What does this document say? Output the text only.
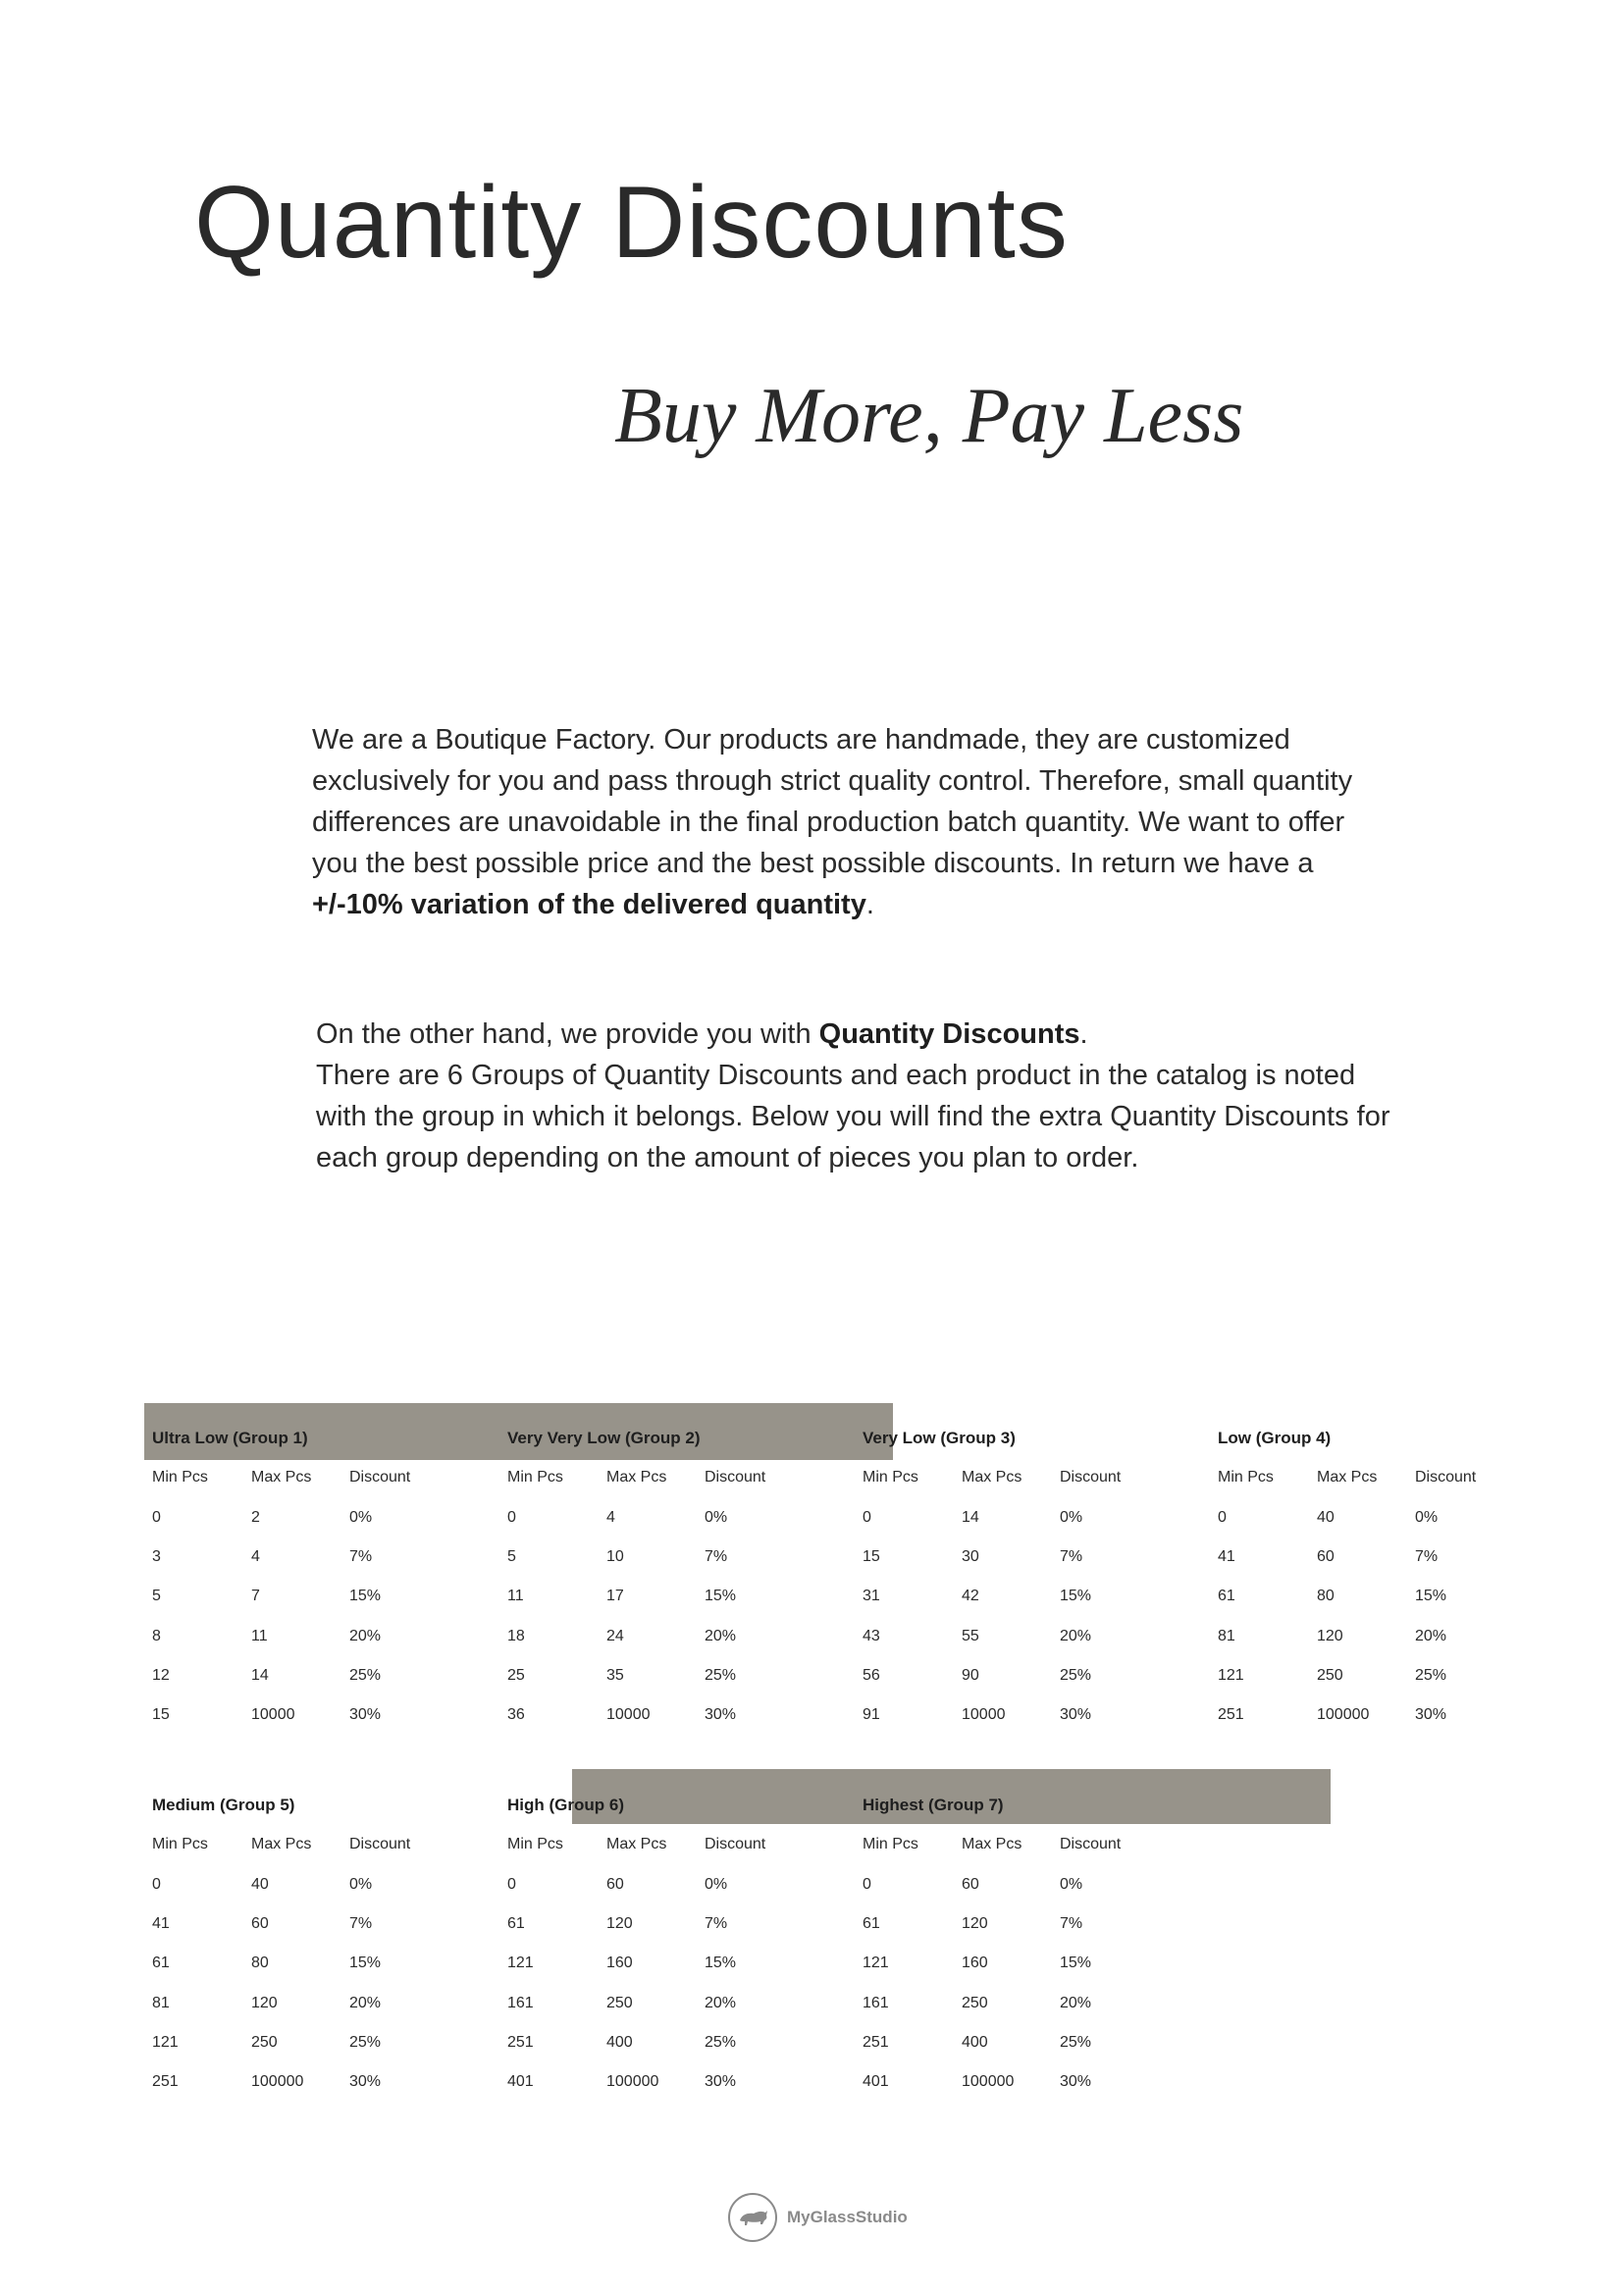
Quantity Discounts
Buy More, Pay Less

We are a Boutique Factory. Our products are handmade, they are customized exclusively for you and pass through strict quality control. Therefore, small quantity differences are unavoidable in the final production batch quantity. We want to offer you the best possible price and the best possible discounts. In return we have a +/-10% variation of the delivered quantity.

On the other hand, we provide you with Quantity Discounts.
There are 6 Groups of Quantity Discounts and each product in the catalog is noted with the group in which it belongs. Below you will find the extra Quantity Discounts for each group depending on the amount of pieces you plan to order.

Ultra Low (Group 1)
Min Pcs	Max Pcs Discount
0	2	0%
3	4	7%
5	7	15%
8	11	20%
12	14	25%
15	10000	30%
Very Very Low (Group 2)
Min Pcs	Max Pcs Discount
0	4	0%
5	10	7%
11	17	15%
18	24	20%
25	35	25%
36	10000	30%
Very Low (Group 3)
Min Pcs	Max Pcs Discount
0	14	0%
15	30	7%
31	42	15%
43	55	20%
56	90	25%
91	10000	30%
Low (Group 4)
Min Pcs	Max Pcs Discount
0	40	0%
41	60	7%
61	80	15%
81	120	20%
121	250	25%
251	100000	30%
Medium (Group 5)
Min Pcs	Max Pcs Discount
0	40	0%
41	60	7%
61	80	15%
81	120	20%
121	250	25%
251	100000	30%
High (Group 6)
Min Pcs	Max Pcs Discount
0	60	0%
61	120	7%
121	160	15%
161	250	20%
251	400	25%
401	100000	30%
Highest (Group 7)
Min Pcs	Max Pcs Discount
0	60	0%
61	120	7%
121	160	15%
161	250	20%
251	400	25%
401	100000	30%
MyGlassStudio
